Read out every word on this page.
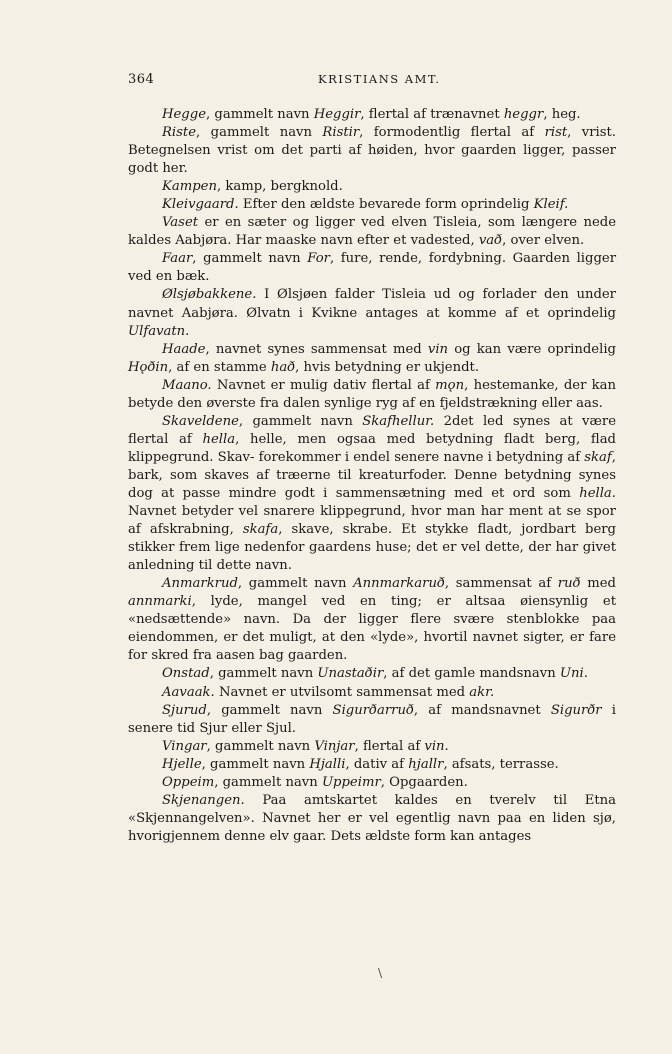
364	KRISTIANS AMT.

Hegge, gammelt navn Heggir, flertal af trænavnet heggr, heg.

Riste, gammelt navn Ristir, formodentlig flertal af rist, vrist. Betegnelsen vrist om det parti af høiden, hvor gaarden ligger, passer godt her.

Kampen, kamp, bergknold.

Kleivgaard. Efter den ældste bevarede form oprindelig Kleif.

Vaset er en sæter og ligger ved elven Tisleia, som længere nede kaldes Aabjøra. Har maaske navn efter et vadested, vað, over elven.

Faar, gammelt navn For, fure, rende, fordybning. Gaarden ligger ved en bæk.

Ølsjøbakkene. I Ølsjøen falder Tisleia ud og forlader den under navnet Aabjøra. Ølvatn i Kvikne antages at komme af et oprindelig Ulfavatn.

Haade, navnet synes sammensat med vin og kan være oprindelig Hǫðin, af en stamme hað, hvis betydning er ukjendt.

Maano. Navnet er mulig dativ flertal af mǫn, hestemanke, der kan betyde den øverste fra dalen synlige ryg af en fjeldstrækning eller aas.

Skaveldene, gammelt navn Skafhellur. 2det led synes at være flertal af hella, helle, men ogsaa med betydning fladt berg, flad klippegrund. Skav- forekommer i endel senere navne i betydning af skaf, bark, som skaves af træerne til kreaturfoder. Denne betydning synes dog at passe mindre godt i sammensætning med et ord som hella. Navnet betyder vel snarere klippegrund, hvor man har ment at se spor af afskrabning, skafa, skave, skrabe. Et stykke fladt, jordbart berg stikker frem lige nedenfor gaardens huse; det er vel dette, der har givet anledning til dette navn.

Anmarkrud, gammelt navn Annmarkaruð, sammensat af ruð med annmarki, lyde, mangel ved en ting; er altsaa øiensynlig et «nedsættende» navn. Da der ligger flere svære stenblokke paa eiendommen, er det muligt, at den «lyde», hvortil navnet sigter, er fare for skred fra aasen bag gaarden.

Onstad, gammelt navn Unastaðir, af det gamle mandsnavn Uni.

Aavaak. Navnet er utvilsomt sammensat med akr.

Sjurud, gammelt navn Sigurðarruð, af mandsnavnet Sigurðr i senere tid Sjur eller Sjul.

Vingar, gammelt navn Vinjar, flertal af vin.

Hjelle, gammelt navn Hjalli, dativ af hjallr, afsats, terrasse.

Oppeim, gammelt navn Uppeimr, Opgaarden.

Skjenangen. Paa amtskartet kaldes en tverelv til Etna «Skjennangelven». Navnet her er vel egentlig navn paa en liden sjø, hvorigjennem denne elv gaar. Dets ældste form kan antages

\
